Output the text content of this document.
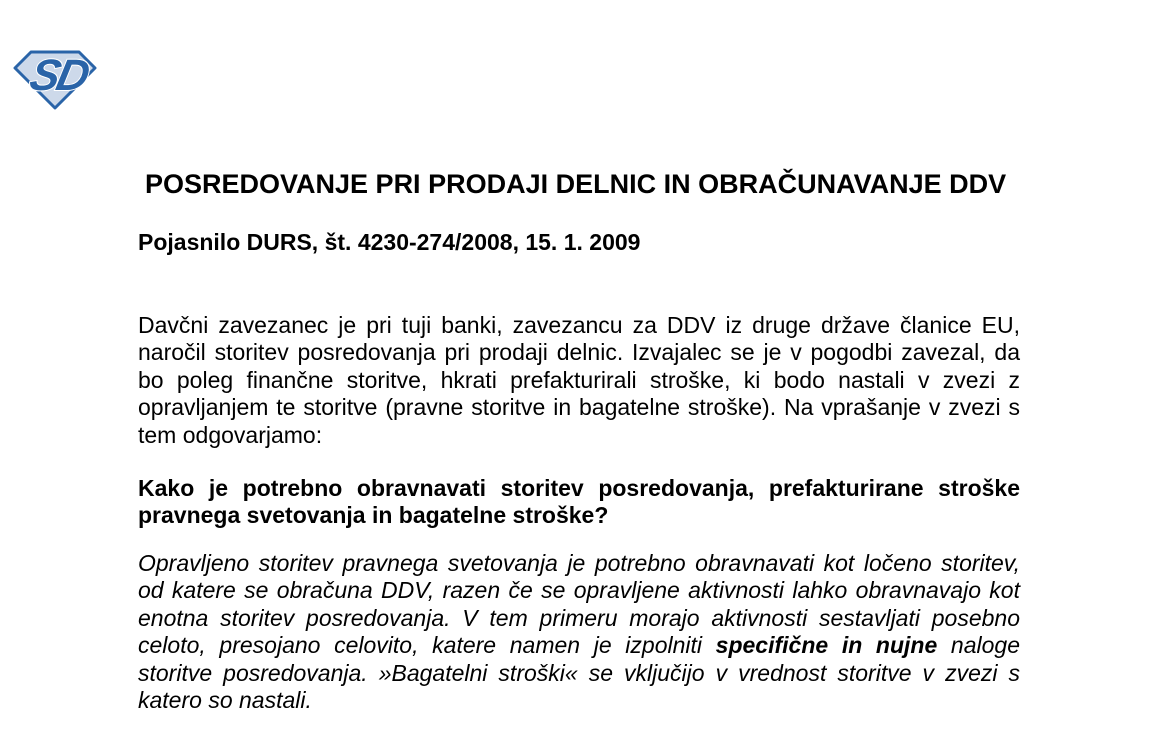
SD
POSREDOVANJE PRI PRODAJI DELNIC IN OBRAČUNAVANJE DDV
Pojasnilo DURS, št. 4230-274/2008, 15. 1. 2009
Davčni zavezanec je pri tuji banki, zavezancu za DDV iz druge države članice EU,
naročil storitev posredovanja pri prodaji delnic. Izvajalec se je v pogodbi zavezal, da
bo poleg finančne storitve, hkrati prefakturirali stroške, ki bodo nastali v zvezi z
opravljanjem te storitve (pravne storitve in bagatelne stroške). Na vprašanje v zvezi s
tem odgovarjamo:
Kako je potrebno obravnavati storitev posredovanja, prefakturirane stroške
pravnega svetovanja in bagatelne stroške?
Opravljeno storitev pravnega svetovanja je potrebno obravnavati kot ločeno storitev,
od katere se obračuna DDV, razen če se opravljene aktivnosti lahko obravnavajo kot
enotna storitev posredovanja. V tem primeru morajo aktivnosti sestavljati posebno
celoto, presojano celovito, katere namen je izpolniti specifične in nujne naloge
storitve posredovanja. »Bagatelni stroški« se vključijo v vrednost storitve v zvezi s
katero so nastali.
